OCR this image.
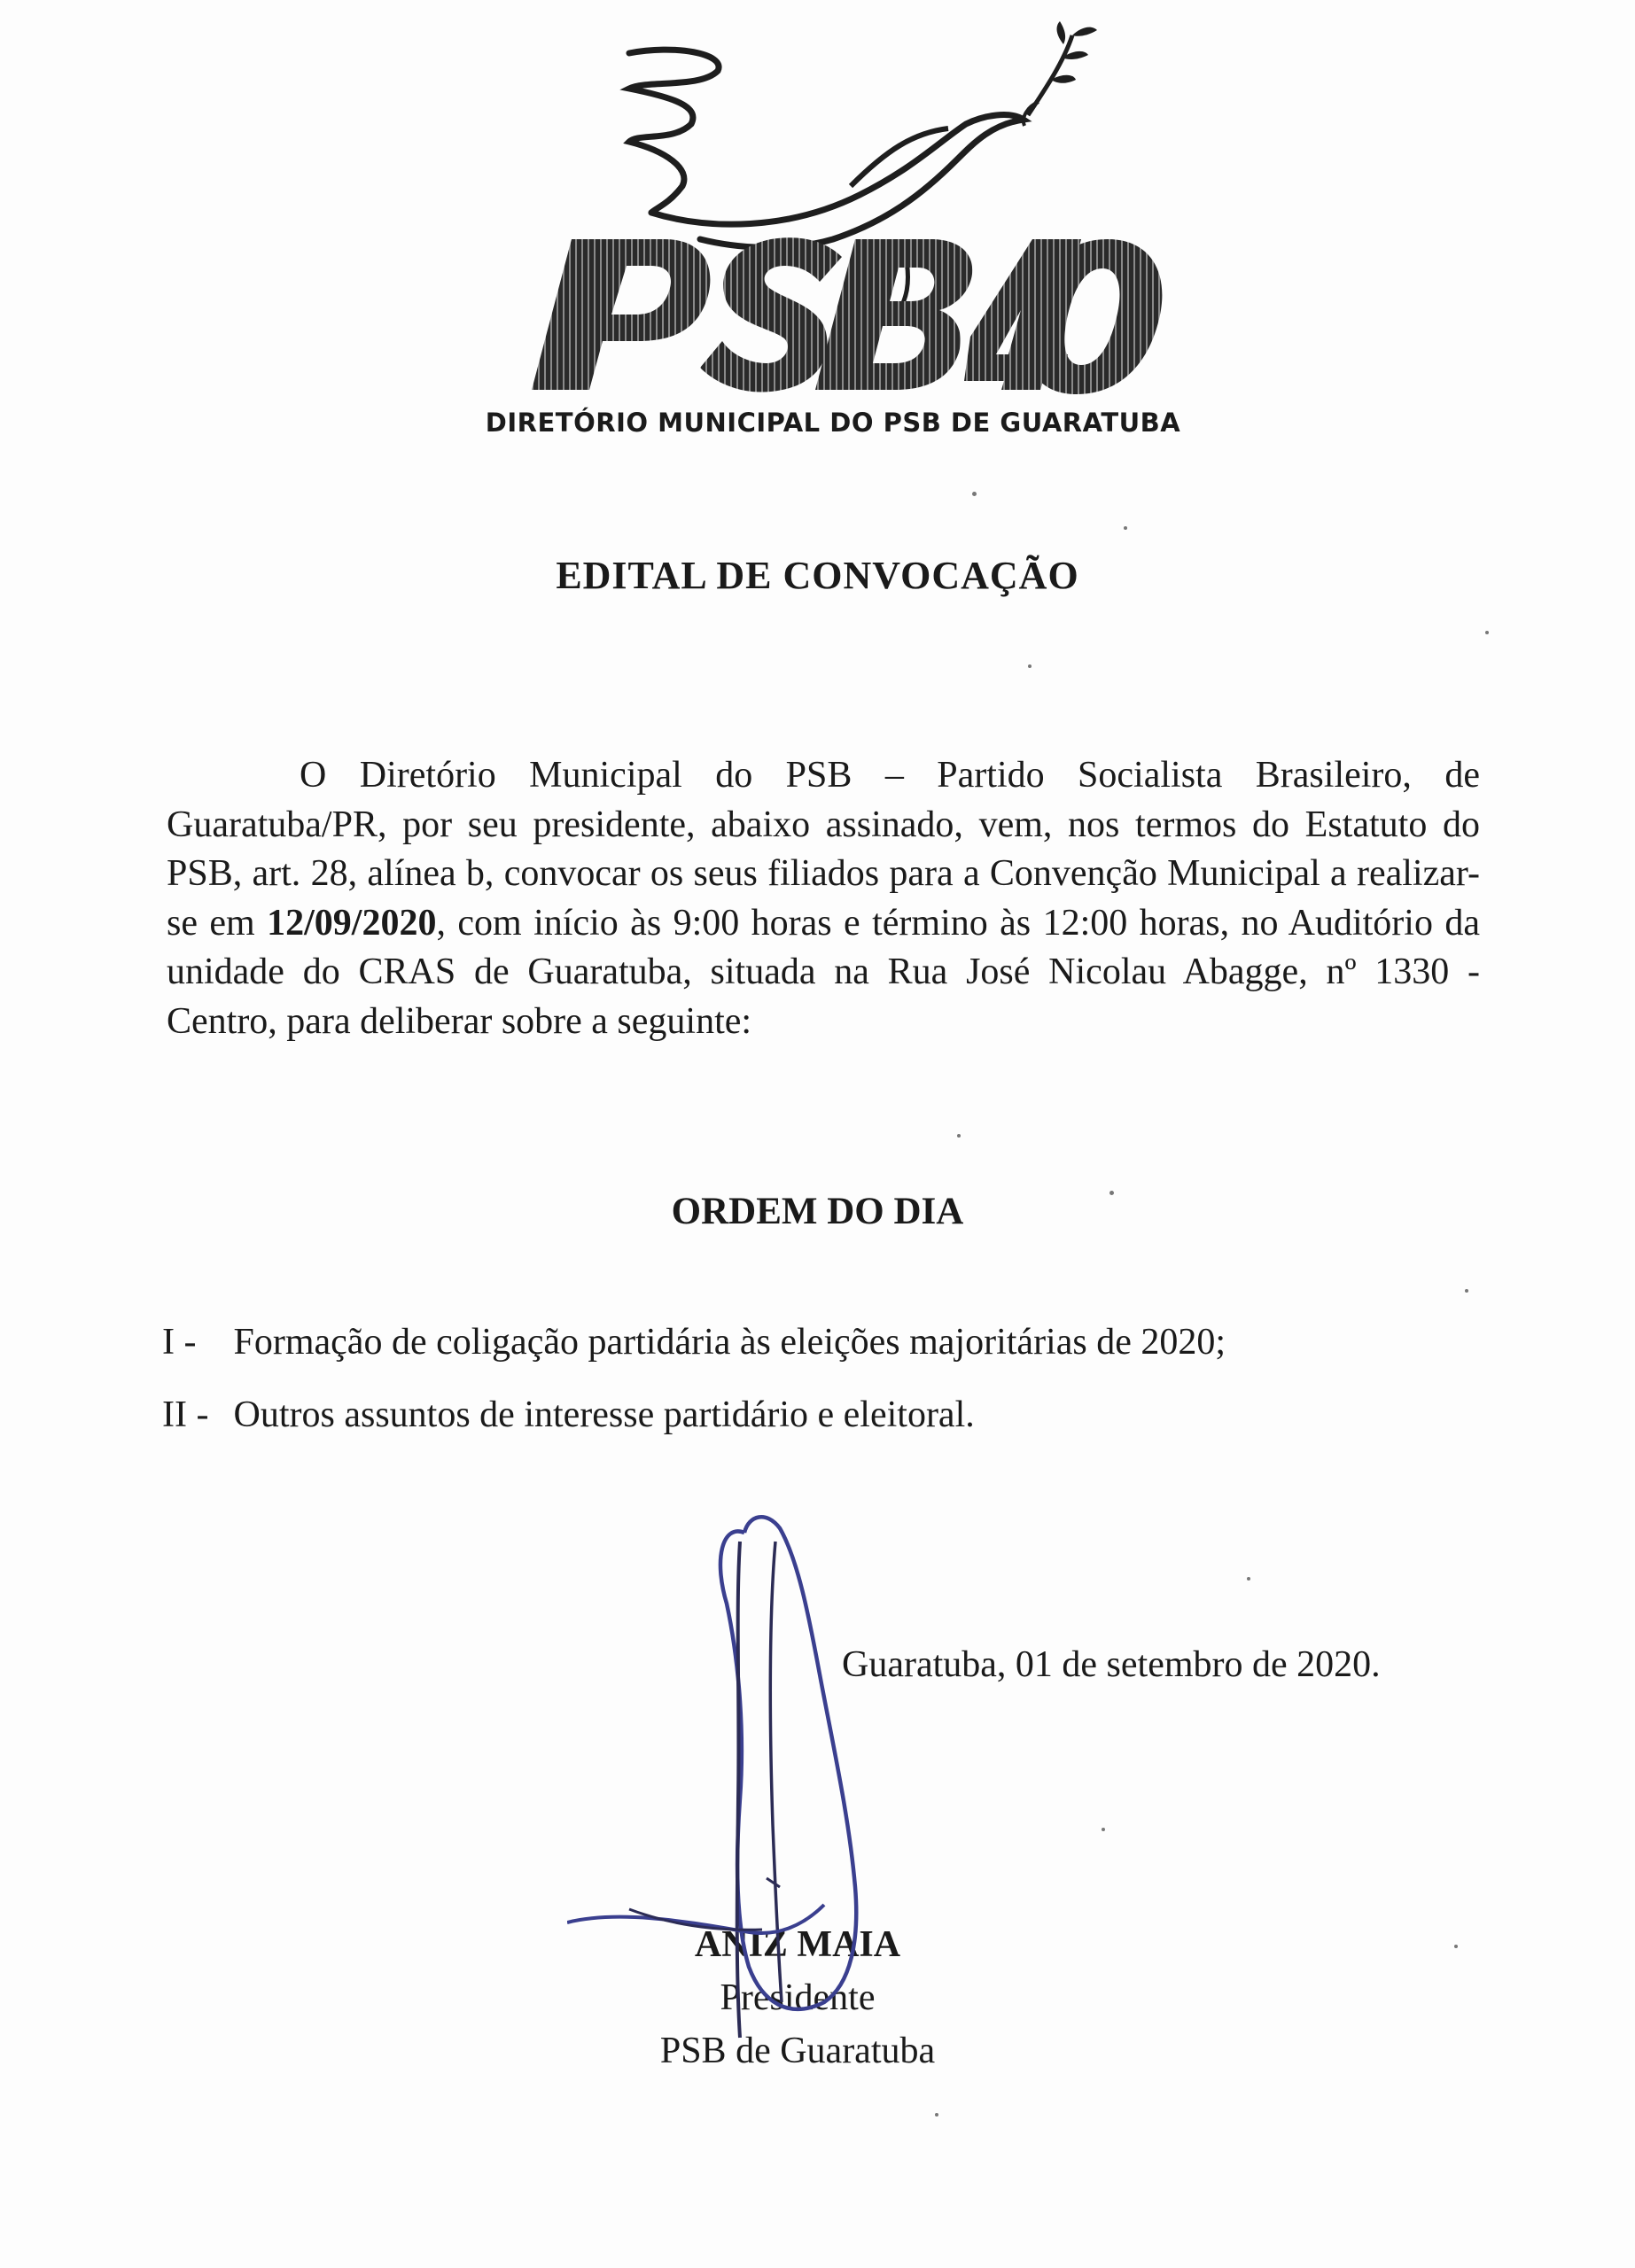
DIRETÓRIO MUNICIPAL DO PSB DE GUARATUBA
EDITAL DE CONVOCAÇÃO

O Diretório Municipal do PSB – Partido Socialista Brasileiro, de Guaratuba/PR, por seu presidente, abaixo assinado, vem, nos termos do Estatuto do PSB, art. 28, alínea b, convocar os seus filiados para a Convenção Municipal a realizar-se em 12/09/2020, com início às 9:00 horas e término às 12:00 horas, no Auditório da unidade do CRAS de Guaratuba, situada na Rua José Nicolau Abagge, nº 1330 - Centro, para deliberar sobre a seguinte:

ORDEM DO DIA
I - Formação de coligação partidária às eleições majoritárias de 2020;
II - Outros assuntos de interesse partidário e eleitoral.
Guaratuba, 01 de setembro de 2020.
ANIZ MAIA
Presidente
PSB de Guaratuba
